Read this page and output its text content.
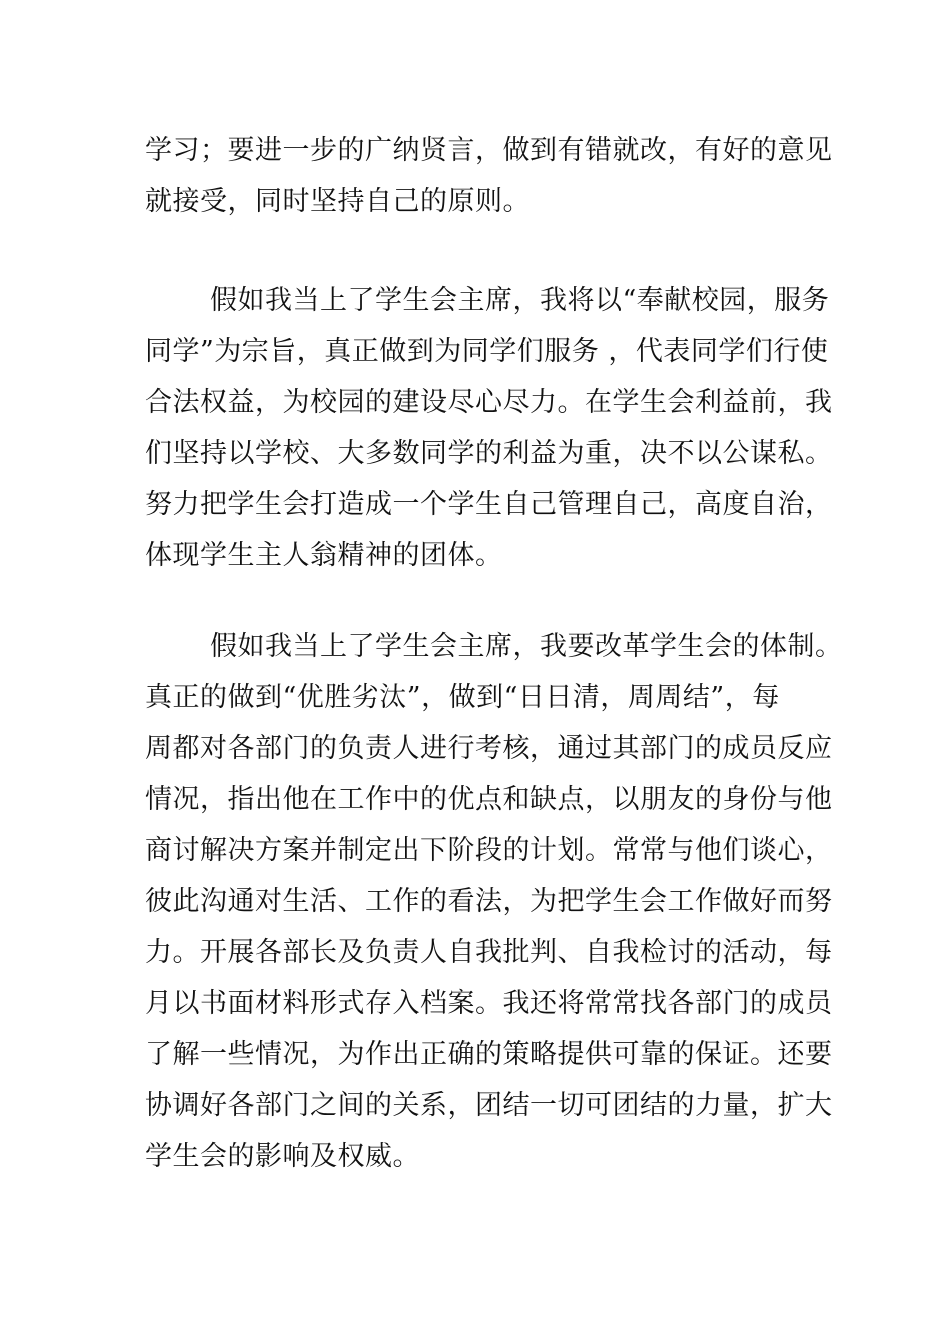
学习；要进一步的广纳贤言，做到有错就改，有好的意见
就接受，同时坚持自己的原则。
假如我当上了学生会主席，我将以“奉献校园，服务
同学”为宗旨，真正做到为同学们服务 ，代表同学们行使
合法权益，为校园的建设尽心尽力。在学生会利益前，我
们坚持以学校、大多数同学的利益为重，决不以公谋私。
努力把学生会打造成一个学生自己管理自己，高度自治，
体现学生主人翁精神的团体。
假如我当上了学生会主席，我要改革学生会的体制。
真正的做到“优胜劣汰”，做到“日日清，周周结”，每
周都对各部门的负责人进行考核，通过其部门的成员反应
情况，指出他在工作中的优点和缺点，以朋友的身份与他
商讨解决方案并制定出下阶段的计划。常常与他们谈心，
彼此沟通对生活、工作的看法，为把学生会工作做好而努
力。开展各部长及负责人自我批判、自我检讨的活动，每
月以书面材料形式存入档案。我还将常常找各部门的成员
了解一些情况，为作出正确的策略提供可靠的保证。还要
协调好各部门之间的关系，团结一切可团结的力量，扩大
学生会的影响及权威。
